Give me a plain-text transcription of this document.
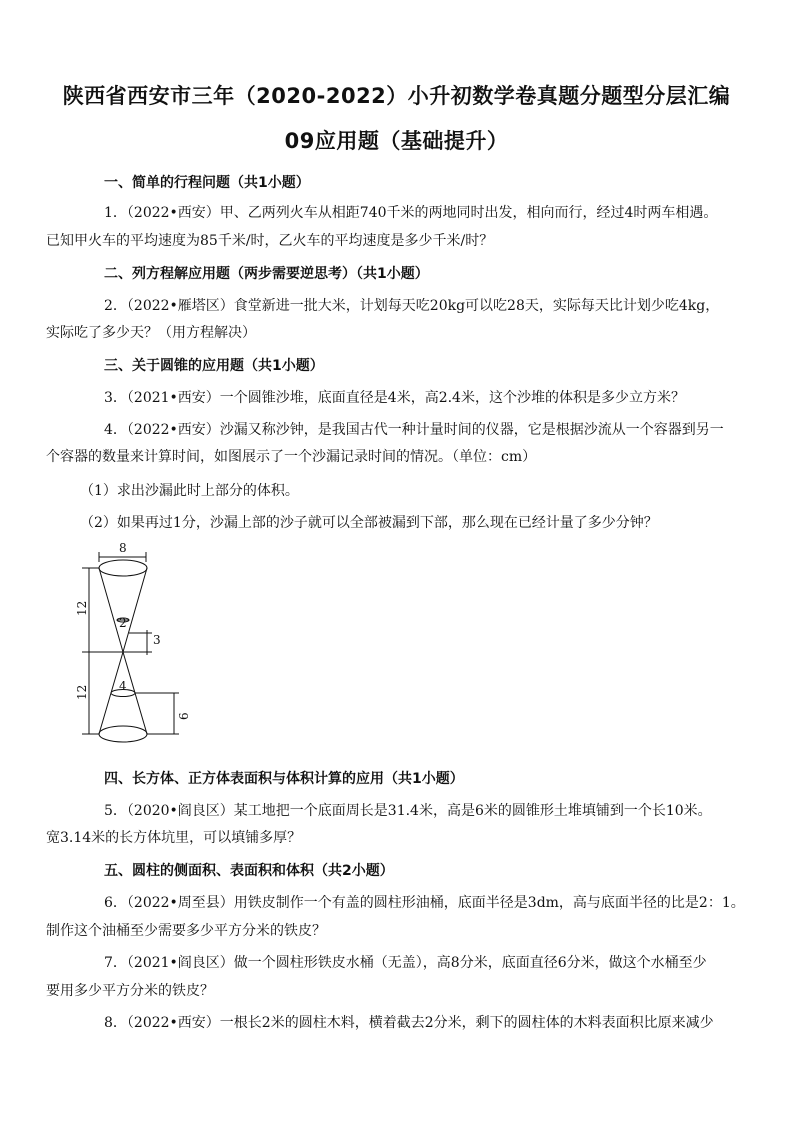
陕西省西安市三年（2020-2022）小升初数学卷真题分题型分层汇编
09应用题（基础提升）
一、简单的行程问题（共1小题）
1．（2022•西安）甲、乙两列火车从相距740千米的两地同时出发，相向而行，经过4时两车相遇。
已知甲火车的平均速度为85千米/时，乙火车的平均速度是多少千米/时？
二、列方程解应用题（两步需要逆思考）（共1小题）
2．（2022•雁塔区）食堂新进一批大米，计划每天吃20kg可以吃28天，实际每天比计划少吃4kg，
实际吃了多少天？（用方程解决）
三、关于圆锥的应用题（共1小题）
3．（2021•西安）一个圆锥沙堆，底面直径是4米，高2.4米，这个沙堆的体积是多少立方米？
4．（2022•西安）沙漏又称沙钟，是我国古代一种计量时间的仪器，它是根据沙流从一个容器到另一
个容器的数量来计算时间，如图展示了一个沙漏记录时间的情况。（单位：cm）
（1）求出沙漏此时上部分的体积。
（2）如果再过1分，沙漏上部的沙子就可以全部被漏到下部，那么现在已经计量了多少分钟？
8
12
2
3
4
12
6
四、长方体、正方体表面积与体积计算的应用（共1小题）
5．（2020•阎良区）某工地把一个底面周长是31.4米，高是6米的圆锥形土堆填铺到一个长10米。
宽3.14米的长方体坑里，可以填铺多厚？
五、圆柱的侧面积、表面积和体积（共2小题）
6．（2022•周至县）用铁皮制作一个有盖的圆柱形油桶，底面半径是3dm，高与底面半径的比是2：1。
制作这个油桶至少需要多少平方分米的铁皮？
7．（2021•阎良区）做一个圆柱形铁皮水桶（无盖），高8分米，底面直径6分米，做这个水桶至少
要用多少平方分米的铁皮？
8．（2022•西安）一根长2米的圆柱木料，横着截去2分米，剩下的圆柱体的木料表面积比原来减少
